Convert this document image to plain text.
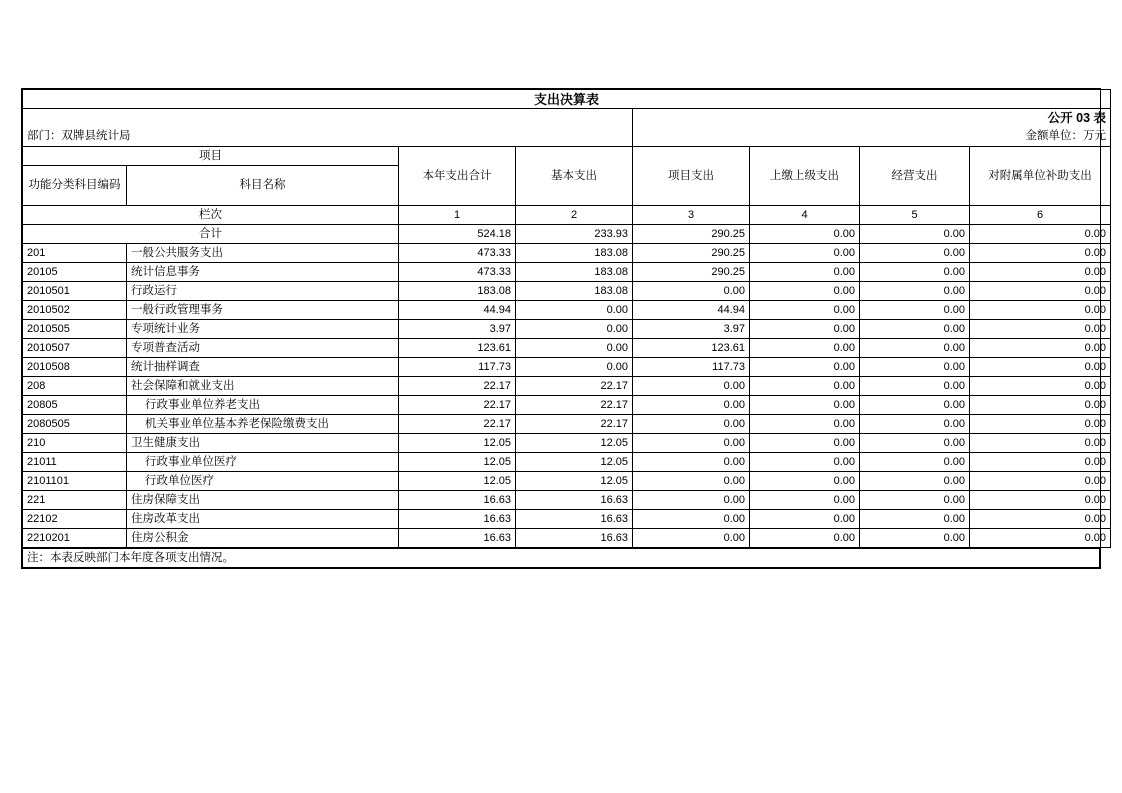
支出决算表							
				公开 03 表			
部门：双牌县统计局				金额单位：万元			
项目		本年支出合计	基本支出	项目支出	上缴上级支出	经营支出	对附属单位补助支出
功能分类科目编码	科目名称						
栏次		1	2	3	4	5	6
合计		524.18	233.93	290.25	0.00	0.00	0.00
201	一般公共服务支出	473.33	183.08	290.25	0.00	0.00	0.00
20105	统计信息事务	473.33	183.08	290.25	0.00	0.00	0.00
2010501	行政运行	183.08	183.08	0.00	0.00	0.00	0.00
2010502	一般行政管理事务	44.94	0.00	44.94	0.00	0.00	0.00
2010505	专项统计业务	3.97	0.00	3.97	0.00	0.00	0.00
2010507	专项普查活动	123.61	0.00	123.61	0.00	0.00	0.00
2010508	统计抽样调查	117.73	0.00	117.73	0.00	0.00	0.00
208	社会保障和就业支出	22.17	22.17	0.00	0.00	0.00	0.00
20805	行政事业单位养老支出	22.17	22.17	0.00	0.00	0.00	0.00
2080505	机关事业单位基本养老保险缴费支出	22.17	22.17	0.00	0.00	0.00	0.00
210	卫生健康支出	12.05	12.05	0.00	0.00	0.00	0.00
21011	行政事业单位医疗	12.05	12.05	0.00	0.00	0.00	0.00
2101101	行政单位医疗	12.05	12.05	0.00	0.00	0.00	0.00
221	住房保障支出	16.63	16.63	0.00	0.00	0.00	0.00
22102	住房改革支出	16.63	16.63	0.00	0.00	0.00	0.00
2210201	住房公积金	16.63	16.63	0.00	0.00	0.00	0.00
注：本表反映部门本年度各项支出情况。
